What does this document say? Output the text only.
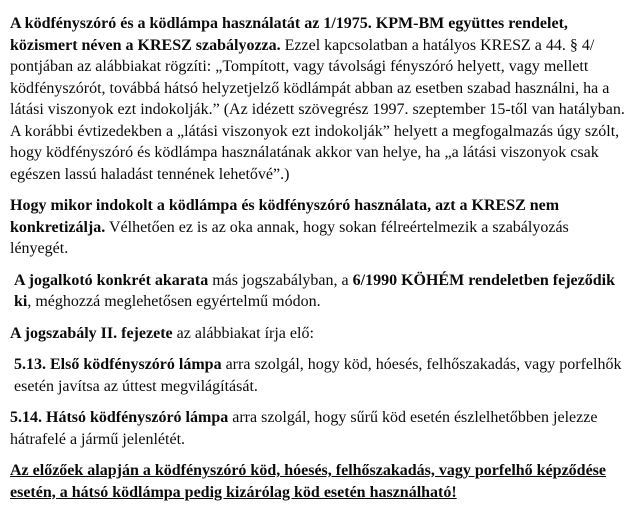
A ködfényszóró és a ködlámpa használatát az 1/1975. KPM-BM együttes rendelet, közismert néven a KRESZ szabályozza. Ezzel kapcsolatban a hatályos KRESZ a 44. § 4/ pontjában az alábbiakat rögzíti: „Tompított, vagy távolsági fényszóró helyett, vagy mellett ködfényszórót, továbbá hátsó helyzetjelző ködlámpát abban az esetben szabad használni, ha a látási viszonyok ezt indokolják.” (Az idézett szövegrész 1997. szeptember 15-től van hatályban. A korábbi évtizedekben a „látási viszonyok ezt indokolják” helyett a megfogalmazás úgy szólt, hogy ködfényszóró és ködlámpa használatának akkor van helye, ha „a látási viszonyok csak egészen lassú haladást tennének lehetővé”.)

Hogy mikor indokolt a ködlámpa és ködfényszóró használata, azt a KRESZ nem konkretizálja. Vélhetően ez is az oka annak, hogy sokan félreértelmezik a szabályozás lényegét.

A jogalkotó konkrét akarata más jogszabályban, a 6/1990 KÖHÉM rendeletben fejeződik ki, méghozzá meglehetősen egyértelmű módon.

A jogszabály II. fejezete az alábbiakat írja elő:

5.13. Első ködfényszóró lámpa arra szolgál, hogy köd, hóesés, felhőszakadás, vagy porfelhők esetén javítsa az úttest megvilágítását.

5.14. Hátsó ködfényszóró lámpa arra szolgál, hogy sűrű köd esetén észlelhetőbben jelezze hátrafelé a jármű jelenlétét.

Az előzőek alapján a ködfényszóró köd, hóesés, felhőszakadás, vagy porfelhő képződése esetén, a hátsó ködlámpa pedig kizárólag köd esetén használható!
